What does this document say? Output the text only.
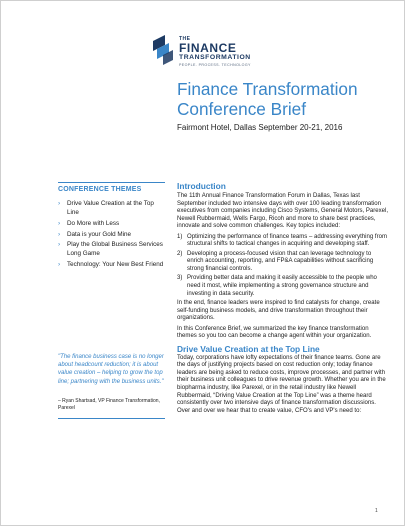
THE
FINANCE
TRANSFORMATION
PEOPLE. PROCESS. TECHNOLOGY
Finance Transformation
Conference Brief
Fairmont Hotel, Dallas September 20-21, 2016
CONFERENCE THEMES
› Drive Value Creation at the Top Line
› Do More with Less
› Data is your Gold Mine
› Play the Global Business Services Long Game
› Technology: Your New Best Friend
"The finance business case is no longer about headcount reduction; it is about value creation – helping to grow the top line; partnering with the business units."
– Ryan Shartsad, VP Finance Transformation, Parexel
Introduction

The 11th Annual Finance Transformation Forum in Dallas, Texas last September included two intensive days with over 100 leading transformation executives from companies including Cisco Systems, General Motors, Parexel, Newell Rubbermaid, Wells Fargo, Ricoh and more to share best practices, innovate and solve common challenges. Key topics included:

1) Optimizing the performance of finance teams – addressing everything from structural shifts to tactical changes in acquiring and developing staff.
2) Developing a process-focused vision that can leverage technology to enrich accounting, reporting, and FP&A capabilities without sacrificing strong financial controls.
3) Providing better data and making it easily accessible to the people who need it most, while implementing a strong governance structure and investing in data security.

In the end, finance leaders were inspired to find catalysts for change, create self-funding business models, and drive transformation throughout their organizations.

In this Conference Brief, we summarized the key finance transformation themes so you too can become a change agent within your organization.

Drive Value Creation at the Top Line

Today, corporations have lofty expectations of their finance teams. Gone are the days of justifying projects based on cost reduction only; today finance leaders are being asked to reduce costs, improve processes, and partner with their business unit colleagues to drive revenue growth. Whether you are in the biopharma industry, like Parexel, or in the retail industry like Newell Rubbermaid, “Driving Value Creation at the Top Line” was a theme heard consistently over two intensive days of finance transformation discussions. Over and over we hear that to create value, CFO's and VP's need to:

1
